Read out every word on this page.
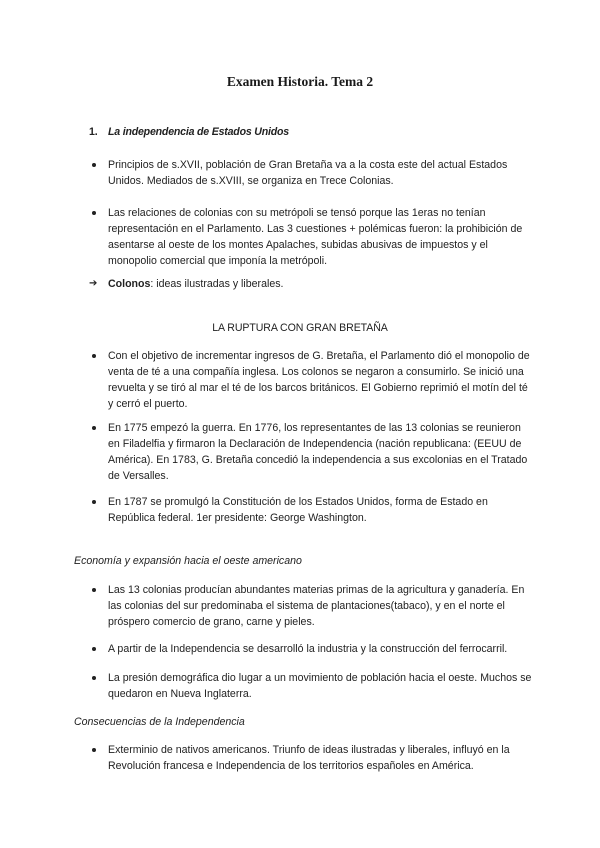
Examen Historia. Tema 2
1. La independencia de Estados Unidos
Principios de s.XVII, población de Gran Bretaña va a la costa este del actual Estados Unidos. Mediados de s.XVIII, se organiza en Trece Colonias.
Las relaciones de colonias con su metrópoli se tensó porque las 1eras no tenían representación en el Parlamento. Las 3 cuestiones + polémicas fueron: la prohibición de asentarse al oeste de los montes Apalaches, subidas abusivas de impuestos y el monopolio comercial que imponía la metrópoli.
➔ Colonos: ideas ilustradas y liberales.
LA RUPTURA CON GRAN BRETAÑA
Con el objetivo de incrementar ingresos de G. Bretaña, el Parlamento dió el monopolio de venta de té a una compañía inglesa. Los colonos se negaron a consumirlo. Se inició una revuelta y se tiró al mar el té de los barcos británicos. El Gobierno reprimió el motín del té y cerró el puerto.
En 1775 empezó la guerra. En 1776, los representantes de las 13 colonias se reunieron en Filadelfia y firmaron la Declaración de Independencia (nación republicana: (EEUU de América). En 1783, G. Bretaña concedió la independencia a sus excolonias en el Tratado de Versalles.
En 1787 se promulgó la Constitución de los Estados Unidos, forma de Estado en República federal. 1er presidente: George Washington.
Economía y expansión hacia el oeste americano
Las 13 colonias producían abundantes materias primas de la agricultura y ganadería. En las colonias del sur predominaba el sistema de plantaciones(tabaco), y en el norte el próspero comercio de grano, carne y pieles.
A partir de la Independencia se desarrolló la industria y la construcción del ferrocarril.
La presión demográfica dio lugar a un movimiento de población hacia el oeste. Muchos se quedaron en Nueva Inglaterra.
Consecuencias de la Independencia
Exterminio de nativos americanos. Triunfo de ideas ilustradas y liberales, influyó en la Revolución francesa e Independencia de los territorios españoles en América.
